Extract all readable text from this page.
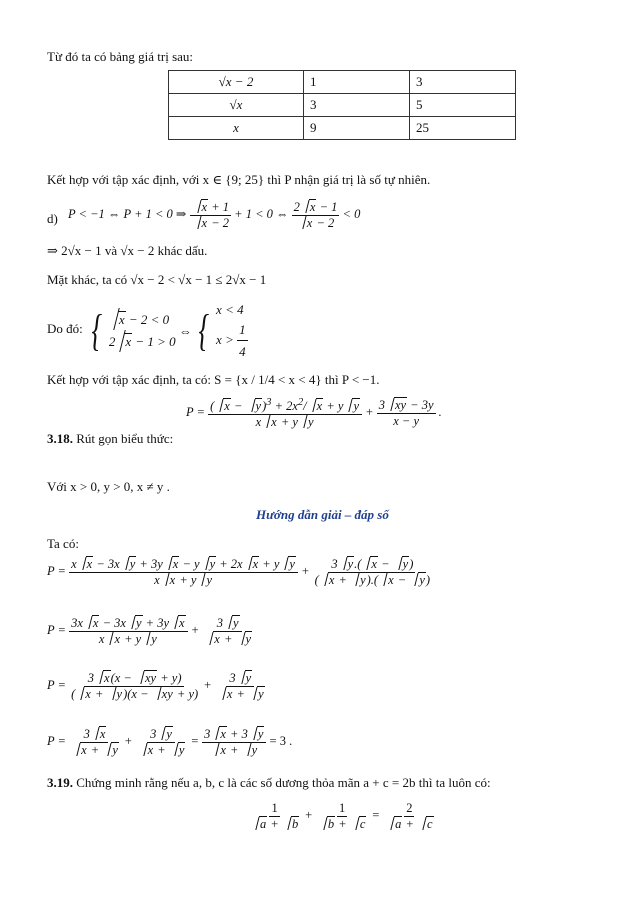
Từ đó ta có bảng giá trị sau:
√x − 2	1	3
√x	3	5
x	9	25
Kết hợp với tập xác định, với x ∈ {9; 25} thì P nhận giá trị là số tự nhiên.
d) P < −1 ⇔ P + 1 < 0 ⇒ $\frac{x + 1}{x - 2} + 1 < 0$ ⇔ $\frac{2 x - 1}{x - 2} < 0$
⇒ 2√x − 1 và √x − 2 khác dấu.
Mặt khác, ta có √x − 2 < √x − 1 ≤ 2√x − 1
Do đó: { x − 2 < 0
2 x − 1 > 0 ⇔ { x < 4
$x > \frac{1}{4}$
Kết hợp với tập xác định, ta có: S = {x / 1/4 < x < 4} thì P < −1.
3.18. Rút gọn biểu thức:
$P = \frac{( x - y)^3 + 2x^2/ x + y y}{\text{x x + y y}} + \frac{3 xy - 3y}{x - y}$ .
Với x > 0, y > 0, x ≠ y .
Hướng dẫn giải – đáp số
Ta có:
$P = \frac{\text{x x − 3x y + 3y x − y y + 2x x + y y}}{\text{x x + y y}} + \frac{3 y.( x - y)}{( x + y).( x - y)}$
$P = \frac{\text{3x x − 3x y + 3y x}}{\text{x x + y y}} + \frac{3 y}{x + y}$
$P = \frac{3 x(x - xy + y)}{( x + y)(x - xy + y)} + \frac{3 y}{x + y}$
$P = \frac{3 x}{x + y} + \frac{3 y}{x + y} = \frac{3 x + 3 y}{x + y} = 3$ .
3.19. Chứng minh rằng nếu a, b, c là các số dương thỏa mãn a + c = 2b thì ta luôn có:
$\frac{1}{a + b} + \frac{1}{b + c} = \frac{2}{a + c}$
